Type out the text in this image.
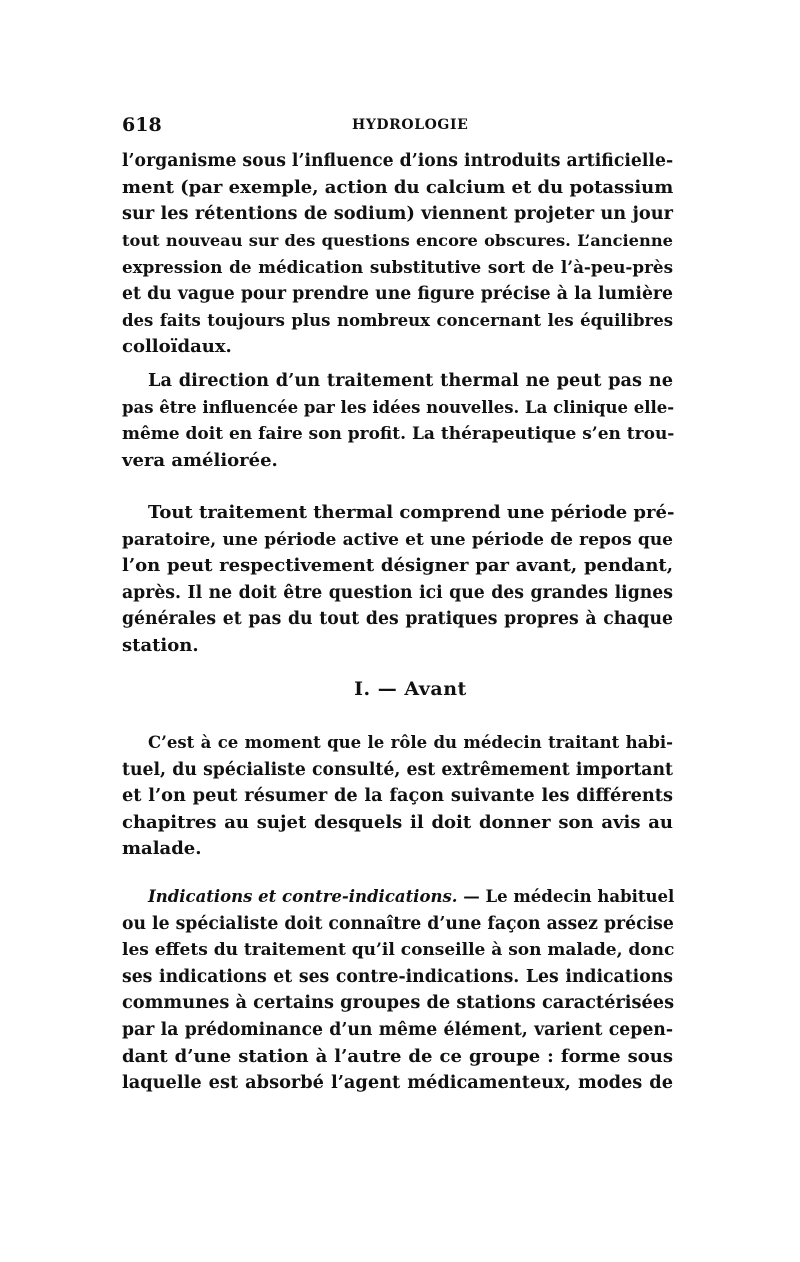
618	HYDROLOGIE
l’organisme sous l’influence d’ions introduits artificielle-
ment (par exemple, action du calcium et du potassium
sur les rétentions de sodium) viennent projeter un jour
tout nouveau sur des questions encore obscures. L’ancienne
expression de médication substitutive sort de l’à-peu-près
et du vague pour prendre une figure précise à la lumière
des faits toujours plus nombreux concernant les équilibres
colloïdaux.
La direction d’un traitement thermal ne peut pas ne
pas être influencée par les idées nouvelles. La clinique elle-
même doit en faire son profit. La thérapeutique s’en trou-
vera améliorée.
Tout traitement thermal comprend une période pré-
paratoire, une période active et une période de repos que
l’on peut respectivement désigner par avant, pendant,
après. Il ne doit être question ici que des grandes lignes
générales et pas du tout des pratiques propres à chaque
station.
I. — Avant
C’est à ce moment que le rôle du médecin traitant habi-
tuel, du spécialiste consulté, est extrêmement important
et l’on peut résumer de la façon suivante les différents
chapitres au sujet desquels il doit donner son avis au
malade.
Indications et contre-indications. — Le médecin habituel
ou le spécialiste doit connaître d’une façon assez précise
les effets du traitement qu’il conseille à son malade, donc
ses indications et ses contre-indications. Les indications
communes à certains groupes de stations caractérisées
par la prédominance d’un même élément, varient cepen-
dant d’une station à l’autre de ce groupe : forme sous
laquelle est absorbé l’agent médicamenteux, modes de
